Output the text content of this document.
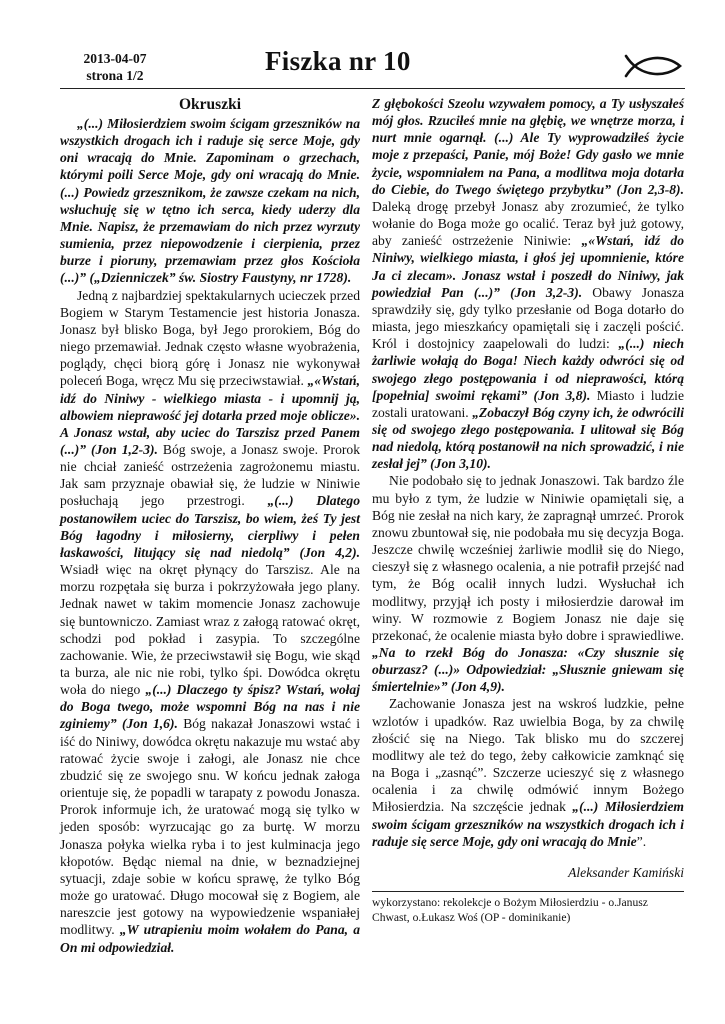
2013-04-07
strona 1/2	Fiszka nr 10
Okruszki

„(...) Miłosierdziem swoim ścigam grzeszników na wszystkich drogach ich i raduje się serce Moje, gdy oni wracają do Mnie. Zapominam o grzechach, którymi poili Serce Moje, gdy oni wracają do Mnie. (...) Powiedz grzesznikom, że zawsze czekam na nich, wsłuchuję się w tętno ich serca, kiedy uderzy dla Mnie. Napisz, że przemawiam do nich przez wyrzuty sumienia, przez niepowodzenie i cierpienia, przez burze i pioruny, przemawiam przez głos Kościoła (...)” („Dzienniczek” św. Siostry Faustyny, nr 1728).

Jedną z najbardziej spektakularnych ucieczek przed Bogiem w Starym Testamencie jest historia Jonasza. Jonasz był blisko Boga, był Jego prorokiem, Bóg do niego przemawiał. Jednak często własne wyobrażenia, poglądy, chęci biorą górę i Jonasz nie wykonywał poleceń Boga, wręcz Mu się przeciwstawiał. „«Wstań, idź do Niniwy - wielkiego miasta - i upomnij ją, albowiem nieprawość jej dotarła przed moje oblicze». A Jonasz wstał, aby uciec do Tarszisz przed Panem (...)” (Jon 1,2-3). Bóg swoje, a Jonasz swoje. Prorok nie chciał zanieść ostrzeżenia zagrożonemu miastu. Jak sam przyznaje obawiał się, że ludzie w Niniwie posłuchają jego przestrogi. „(...) Dlatego postanowiłem uciec do Tarszisz, bo wiem, żeś Ty jest Bóg łagodny i miłosierny, cierpliwy i pełen łaskawości, litujący się nad niedolą” (Jon 4,2). Wsiadł więc na okręt płynący do Tarszisz. Ale na morzu rozpętała się burza i pokrzyżowała jego plany. Jednak nawet w takim momencie Jonasz zachowuje się buntowniczo. Zamiast wraz z załogą ratować okręt, schodzi pod pokład i zasypia. To szczególne zachowanie. Wie, że przeciwstawił się Bogu, wie skąd ta burza, ale nic nie robi, tylko śpi. Dowódca okrętu woła do niego „(...) Dlaczego ty śpisz? Wstań, wołaj do Boga twego, może wspomni Bóg na nas i nie zginiemy” (Jon 1,6). Bóg nakazał Jonaszowi wstać i iść do Niniwy, dowódca okrętu nakazuje mu wstać aby ratować życie swoje i załogi, ale Jonasz nie chce zbudzić się ze swojego snu. W końcu jednak załoga orientuje się, że popadli w tarapaty z powodu Jonasza. Prorok informuje ich, że uratować mogą się tylko w jeden sposób: wyrzucając go za burtę. W morzu Jonasza połyka wielka ryba i to jest kulminacja jego kłopotów. Będąc niemal na dnie, w beznadziejnej sytuacji, zdaje sobie w końcu sprawę, że tylko Bóg może go uratować. Długo mocował się z Bogiem, ale nareszcie jest gotowy na wypowiedzenie wspaniałej modlitwy. „W utrapieniu moim wołałem do Pana, a On mi odpowiedział.

Z głębokości Szeolu wzywałem pomocy, a Ty usłyszałeś mój głos. Rzuciłeś mnie na głębię, we wnętrze morza, i nurt mnie ogarnął. (...) Ale Ty wyprowadziłeś życie moje z przepaści, Panie, mój Boże! Gdy gasło we mnie życie, wspomniałem na Pana, a modlitwa moja dotarła do Ciebie, do Twego świętego przybytku” (Jon 2,3-8). Daleką drogę przebył Jonasz aby zrozumieć, że tylko wołanie do Boga może go ocalić. Teraz był już gotowy, aby zanieść ostrzeżenie Niniwie: „«Wstań, idź do Niniwy, wielkiego miasta, i głoś jej upomnienie, które Ja ci zlecam». Jonasz wstał i poszedł do Niniwy, jak powiedział Pan (...)” (Jon 3,2-3). Obawy Jonasza sprawdziły się, gdy tylko przesłanie od Boga dotarło do miasta, jego mieszkańcy opamiętali się i zaczęli pościć. Król i dostojnicy zaapelowali do ludzi: „(...) niech żarliwie wołają do Boga! Niech każdy odwróci się od swojego złego postępowania i od nieprawości, którą [popełnia] swoimi rękami” (Jon 3,8). Miasto i ludzie zostali uratowani. „Zobaczył Bóg czyny ich, że odwrócili się od swojego złego postępowania. I ulitował się Bóg nad niedolą, którą postanowił na nich sprowadzić, i nie zesłał jej” (Jon 3,10).

Nie podobało się to jednak Jonaszowi. Tak bardzo źle mu było z tym, że ludzie w Niniwie opamiętali się, a Bóg nie zesłał na nich kary, że zapragnął umrzeć. Prorok znowu zbuntował się, nie podobała mu się decyzja Boga. Jeszcze chwilę wcześniej żarliwie modlił się do Niego, cieszył się z własnego ocalenia, a nie potrafił przejść nad tym, że Bóg ocalił innych ludzi. Wysłuchał ich modlitwy, przyjął ich posty i miłosierdzie darował im winy. W rozmowie z Bogiem Jonasz nie daje się przekonać, że ocalenie miasta było dobre i sprawiedliwe. „Na to rzekł Bóg do Jonasza: «Czy słusznie się oburzasz? (...)» Odpowiedział: „Słusznie gniewam się śmiertelnie»” (Jon 4,9).

Zachowanie Jonasza jest na wskroś ludzkie, pełne wzlotów i upadków. Raz uwielbia Boga, by za chwilę złościć się na Niego. Tak blisko mu do szczerej modlitwy ale też do tego, żeby całkowicie zamknąć się na Boga i „zasnąć”. Szczerze ucieszyć się z własnego ocalenia i za chwilę odmówić innym Bożego Miłosierdzia. Na szczęście jednak „(...) Miłosierdziem swoim ścigam grzeszników na wszystkich drogach ich i raduje się serce Moje, gdy oni wracają do Mnie”.

Aleksander Kamiński
wykorzystano: rekolekcje o Bożym Miłosierdziu - o.Janusz Chwast, o.Łukasz Woś (OP - dominikanie)
